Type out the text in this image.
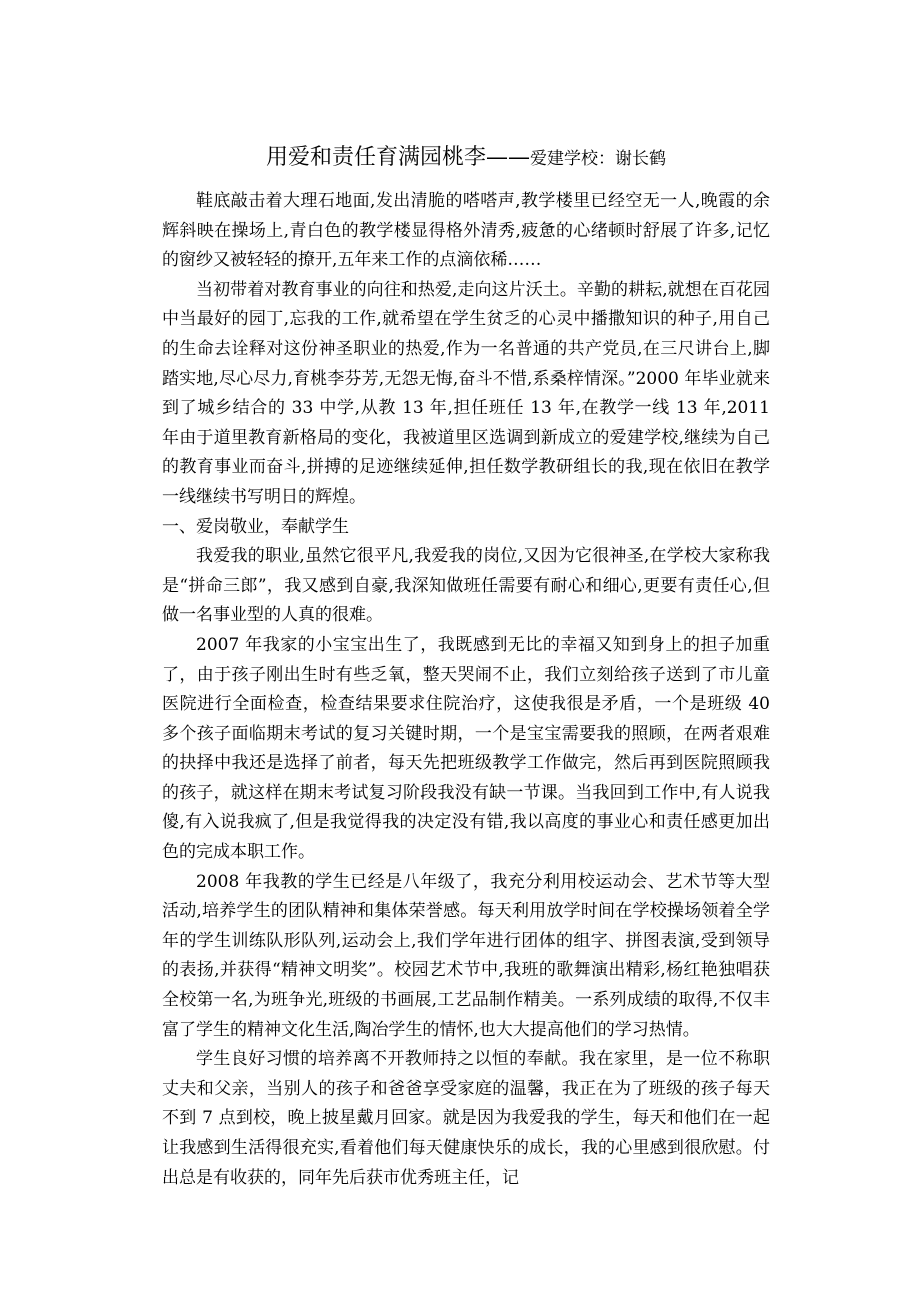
用爱和责任育满园桃李——爱建学校：谢长鹤

鞋底敲击着大理石地面,发出清脆的嗒嗒声,教学楼里已经空无一人,晚霞的余辉斜映在操场上,青白色的教学楼显得格外清秀,疲惫的心绪顿时舒展了许多,记忆的窗纱又被轻轻的撩开,五年来工作的点滴依稀……

当初带着对教育事业的向往和热爱,走向这片沃土。辛勤的耕耘,就想在百花园中当最好的园丁,忘我的工作,就希望在学生贫乏的心灵中播撒知识的种子,用自己的生命去诠释对这份神圣职业的热爱,作为一名普通的共产党员,在三尺讲台上,脚踏实地,尽心尽力,育桃李芬芳,无怨无悔,奋斗不惜,系桑梓情深。”2000 年毕业就来到了城乡结合的 33 中学,从教 13 年,担任班任 13 年,在教学一线 13 年,2011 年由于道里教育新格局的变化，我被道里区选调到新成立的爱建学校,继续为自己的教育事业而奋斗,拼搏的足迹继续延伸,担任数学教研组长的我,现在依旧在教学一线继续书写明日的辉煌。

一、爱岗敬业，奉献学生

我爱我的职业,虽然它很平凡,我爱我的岗位,又因为它很神圣,在学校大家称我是“拼命三郎”，我又感到自豪,我深知做班任需要有耐心和细心,更要有责任心,但做一名事业型的人真的很难。

2007 年我家的小宝宝出生了，我既感到无比的幸福又知到身上的担子加重了，由于孩子刚出生时有些乏氧，整天哭闹不止，我们立刻给孩子送到了市儿童医院进行全面检查，检查结果要求住院治疗，这使我很是矛盾，一个是班级 40 多个孩子面临期末考试的复习关键时期，一个是宝宝需要我的照顾，在两者艰难的抉择中我还是选择了前者，每天先把班级教学工作做完，然后再到医院照顾我的孩子，就这样在期末考试复习阶段我没有缺一节课。当我回到工作中,有人说我傻,有入说我疯了,但是我觉得我的决定没有错,我以高度的事业心和责任感更加出色的完成本职工作。

2008 年我教的学生已经是八年级了，我充分利用校运动会、艺术节等大型活动,培养学生的团队精神和集体荣誉感。每天利用放学时间在学校操场领着全学年的学生训练队形队列,运动会上,我们学年进行团体的组字、拼图表演,受到领导的表扬,并获得“精神文明奖”。校园艺术节中,我班的歌舞演出精彩,杨红艳独唱获全校第一名,为班争光,班级的书画展,工艺品制作精美。一系列成绩的取得,不仅丰富了学生的精神文化生活,陶冶学生的情怀,也大大提高他们的学习热情。

学生良好习惯的培养离不开教师持之以恒的奉献。我在家里，是一位不称职丈夫和父亲，当别人的孩子和爸爸享受家庭的温馨，我正在为了班级的孩子每天不到 7 点到校，晚上披星戴月回家。就是因为我爱我的学生，每天和他们在一起让我感到生活得很充实,看着他们每天健康快乐的成长，我的心里感到很欣慰。付出总是有收获的，同年先后获市优秀班主任，记
